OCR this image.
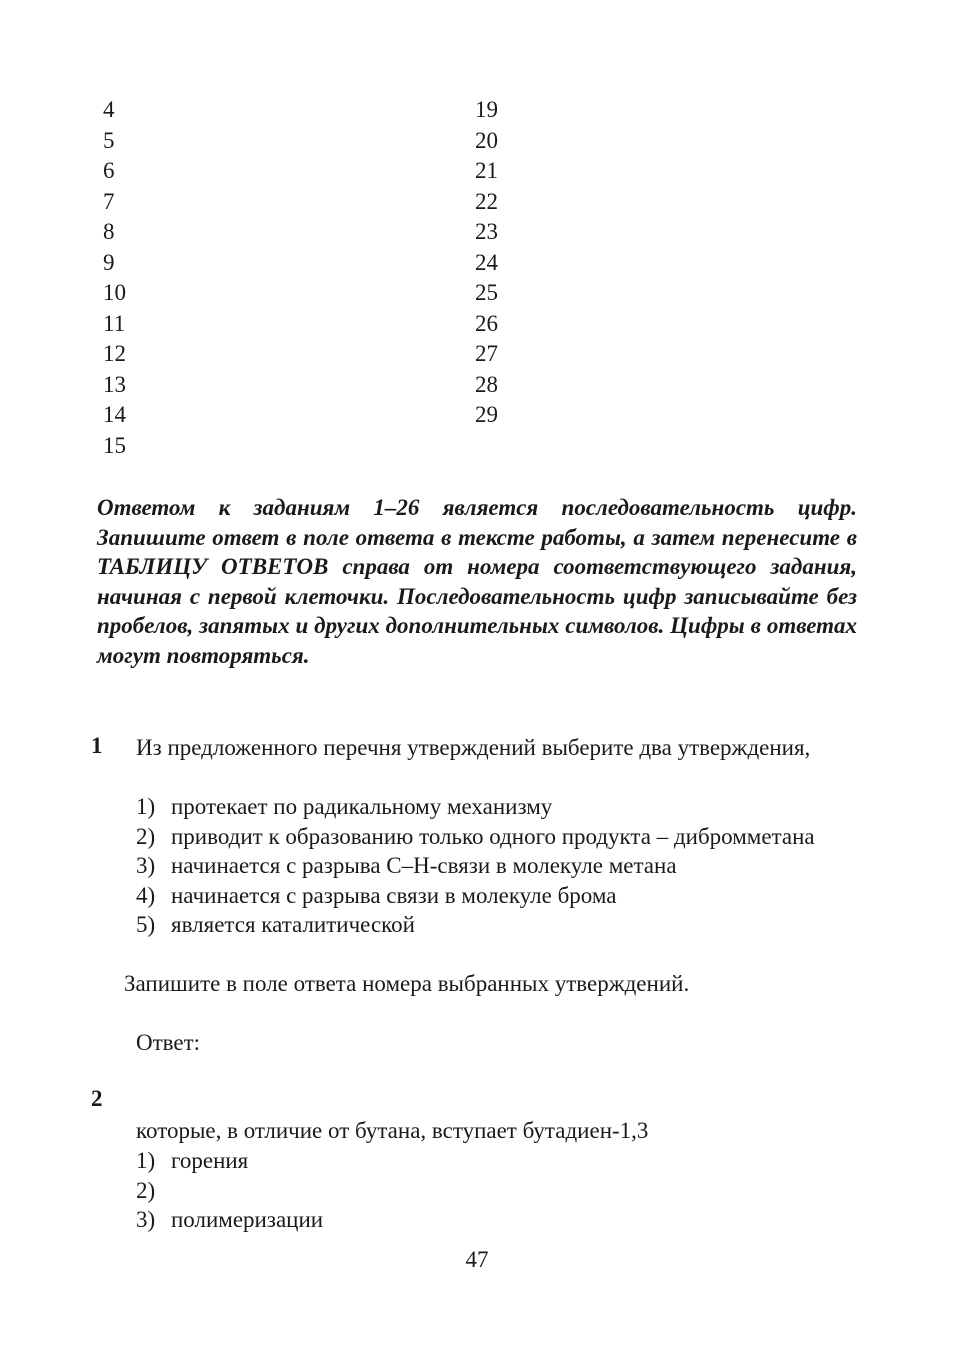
4
5
6
7
8
9
10
11
12
13
14
15
19
20
21
22
23
24
25
26
27
28
29

Ответом к заданиям 1–26 является последовательность цифр. Запишите ответ в поле ответа в тексте работы, а затем перенесите в ТАБЛИЦУ ОТВЕТОВ справа от номера соответствующего задания, начиная с первой клеточки. Последовательность цифр записывайте без пробелов, запятых и других дополнительных символов. Цифры в ответах могут повторяться.

1 Из предложенного перечня утверждений выберите два утверждения,

1) протекает по радикальному механизму
2) приводит к образованию только одного продукта – дибромметана
3) начинается с разрыва C–H-связи в молекуле метана
4) начинается с разрыва связи в молекуле брома
5) является каталитической
Запишите в поле ответа номера выбранных утверждений.
Ответ:
2
которые, в отличие от бутана, вступает бутадиен-1,3
1) горения
2)
3) полимеризации
47
